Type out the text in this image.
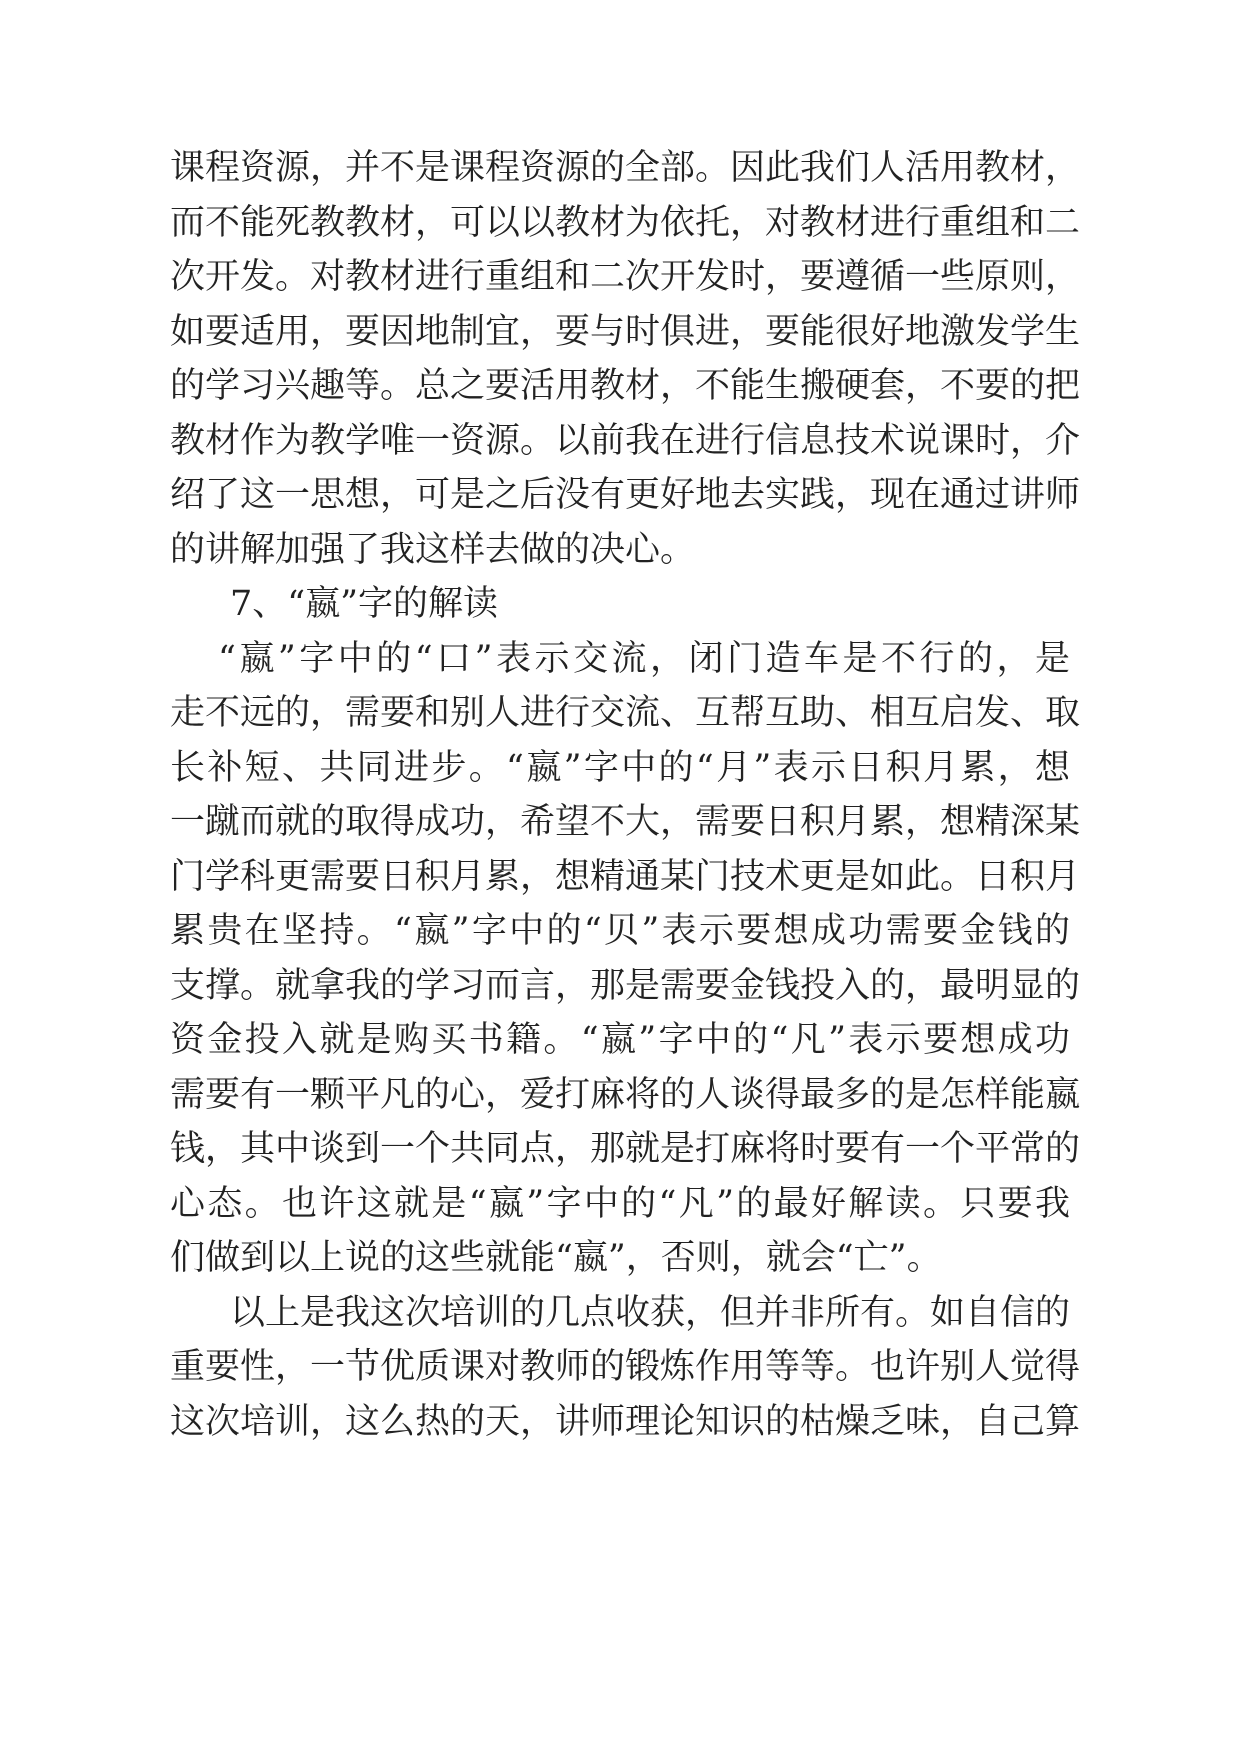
课程资源，并不是课程资源的全部。因此我们人活用教材，
而不能死教教材，可以以教材为依托，对教材进行重组和二
次开发。对教材进行重组和二次开发时，要遵循一些原则，
如要适用，要因地制宜，要与时俱进，要能很好地激发学生
的学习兴趣等。总之要活用教材，不能生搬硬套，不要的把
教材作为教学唯一资源。以前我在进行信息技术说课时，介
绍了这一思想，可是之后没有更好地去实践，现在通过讲师
的讲解加强了我这样去做的决心。
7、“嬴”字的解读
“嬴”字中的“口”表示交流，闭门造车是不行的，是
走不远的，需要和别人进行交流、互帮互助、相互启发、取
长补短、共同进步。“嬴”字中的“月”表示日积月累，想
一蹴而就的取得成功，希望不大，需要日积月累，想精深某
门学科更需要日积月累，想精通某门技术更是如此。日积月
累贵在坚持。“嬴”字中的“贝”表示要想成功需要金钱的
支撑。就拿我的学习而言，那是需要金钱投入的，最明显的
资金投入就是购买书籍。“嬴”字中的“凡”表示要想成功
需要有一颗平凡的心，爱打麻将的人谈得最多的是怎样能嬴
钱，其中谈到一个共同点，那就是打麻将时要有一个平常的
心态。也许这就是“嬴”字中的“凡”的最好解读。只要我
们做到以上说的这些就能“嬴”，否则，就会“亡”。
以上是我这次培训的几点收获，但并非所有。如自信的
重要性，一节优质课对教师的锻炼作用等等。也许别人觉得
这次培训，这么热的天，讲师理论知识的枯燥乏味，自己算
